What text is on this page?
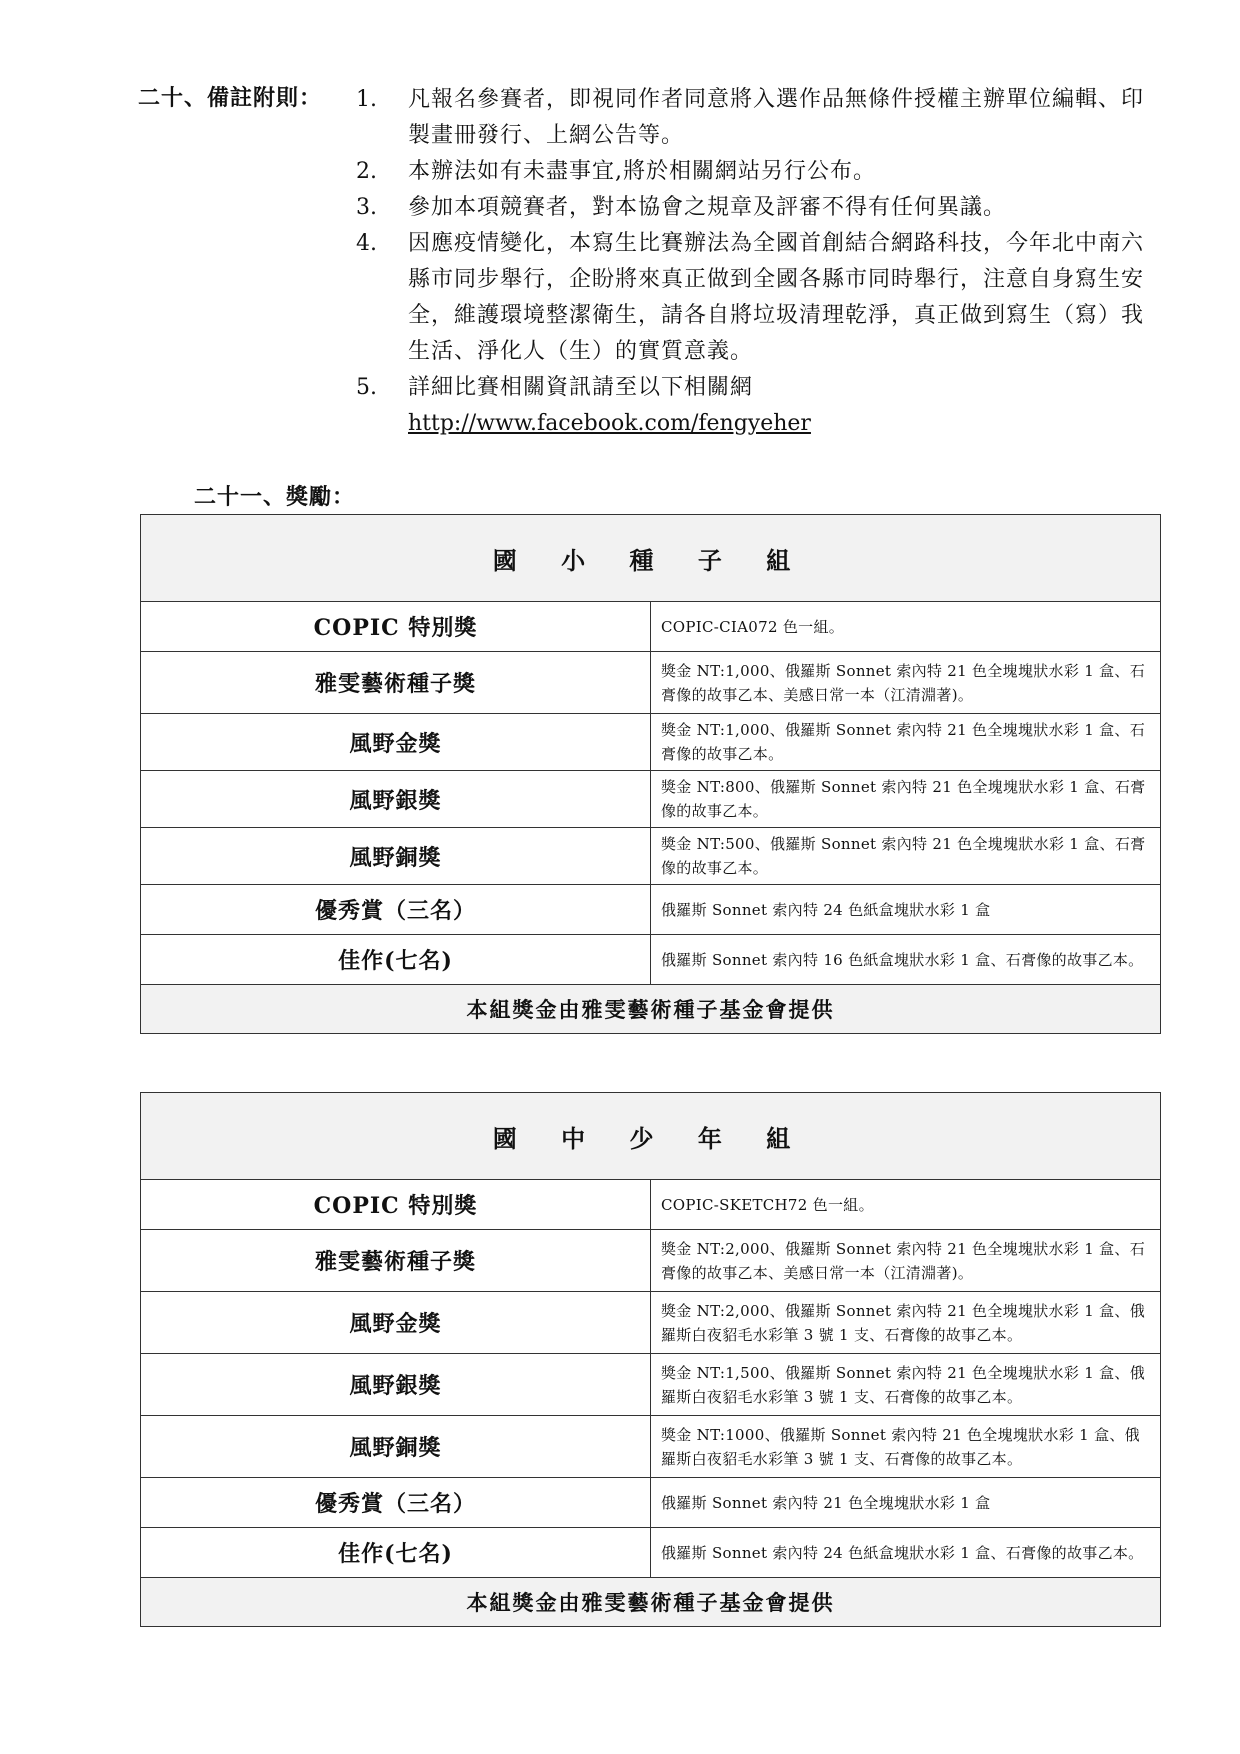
二十、備註附則： 1.	凡報名參賽者，即視同作者同意將入選作品無條件授權主辦單位編輯、印製畫冊發行、上網公告等。
2.	本辦法如有未盡事宜,將於相關網站另行公布。
3.	參加本項競賽者，對本協會之規章及評審不得有任何異議。
4.	因應疫情變化，本寫生比賽辦法為全國首創結合網路科技，今年北中南六縣市同步舉行，企盼將來真正做到全國各縣市同時舉行，注意自身寫生安全，維護環境整潔衛生，請各自將垃圾清理乾淨，真正做到寫生（寫）我生活、淨化人（生）的實質意義。
5.	詳細比賽相關資訊請至以下相關網
http://www.facebook.com/fengyeher
二十一、獎勵：
國 小 種 子 組	
COPIC 特別獎	COPIC-CIA072 色一組。
雅雯藝術種子獎	獎金 NT:1,000、俄羅斯 Sonnet 索內特 21 色全塊塊狀水彩 1 盒、石膏像的故事乙本、美感日常一本（江清淵著)。
風野金獎	獎金 NT:1,000、俄羅斯 Sonnet 索內特 21 色全塊塊狀水彩 1 盒、石膏像的故事乙本。
風野銀獎	獎金 NT:800、俄羅斯 Sonnet 索內特 21 色全塊塊狀水彩 1 盒、石膏像的故事乙本。
風野銅獎	獎金 NT:500、俄羅斯 Sonnet 索內特 21 色全塊塊狀水彩 1 盒、石膏像的故事乙本。
優秀賞（三名）	俄羅斯 Sonnet 索內特 24 色紙盒塊狀水彩 1 盒
佳作(七名)	俄羅斯 Sonnet 索內特 16 色紙盒塊狀水彩 1 盒、石膏像的故事乙本。
本組獎金由雅雯藝術種子基金會提供	
國 中 少 年 組	
COPIC 特別獎	COPIC-SKETCH72 色一組。
雅雯藝術種子獎	獎金 NT:2,000、俄羅斯 Sonnet 索內特 21 色全塊塊狀水彩 1 盒、石膏像的故事乙本、美感日常一本（江清淵著)。
風野金獎	獎金 NT:2,000、俄羅斯 Sonnet 索內特 21 色全塊塊狀水彩 1 盒、俄羅斯白夜貂毛水彩筆 3 號 1 支、石膏像的故事乙本。
風野銀獎	獎金 NT:1,500、俄羅斯 Sonnet 索內特 21 色全塊塊狀水彩 1 盒、俄羅斯白夜貂毛水彩筆 3 號 1 支、石膏像的故事乙本。
風野銅獎	獎金 NT:1000、俄羅斯 Sonnet 索內特 21 色全塊塊狀水彩 1 盒、俄羅斯白夜貂毛水彩筆 3 號 1 支、石膏像的故事乙本。
優秀賞（三名）	俄羅斯 Sonnet 索內特 21 色全塊塊狀水彩 1 盒
佳作(七名)	俄羅斯 Sonnet 索內特 24 色紙盒塊狀水彩 1 盒、石膏像的故事乙本。
本組獎金由雅雯藝術種子基金會提供	
